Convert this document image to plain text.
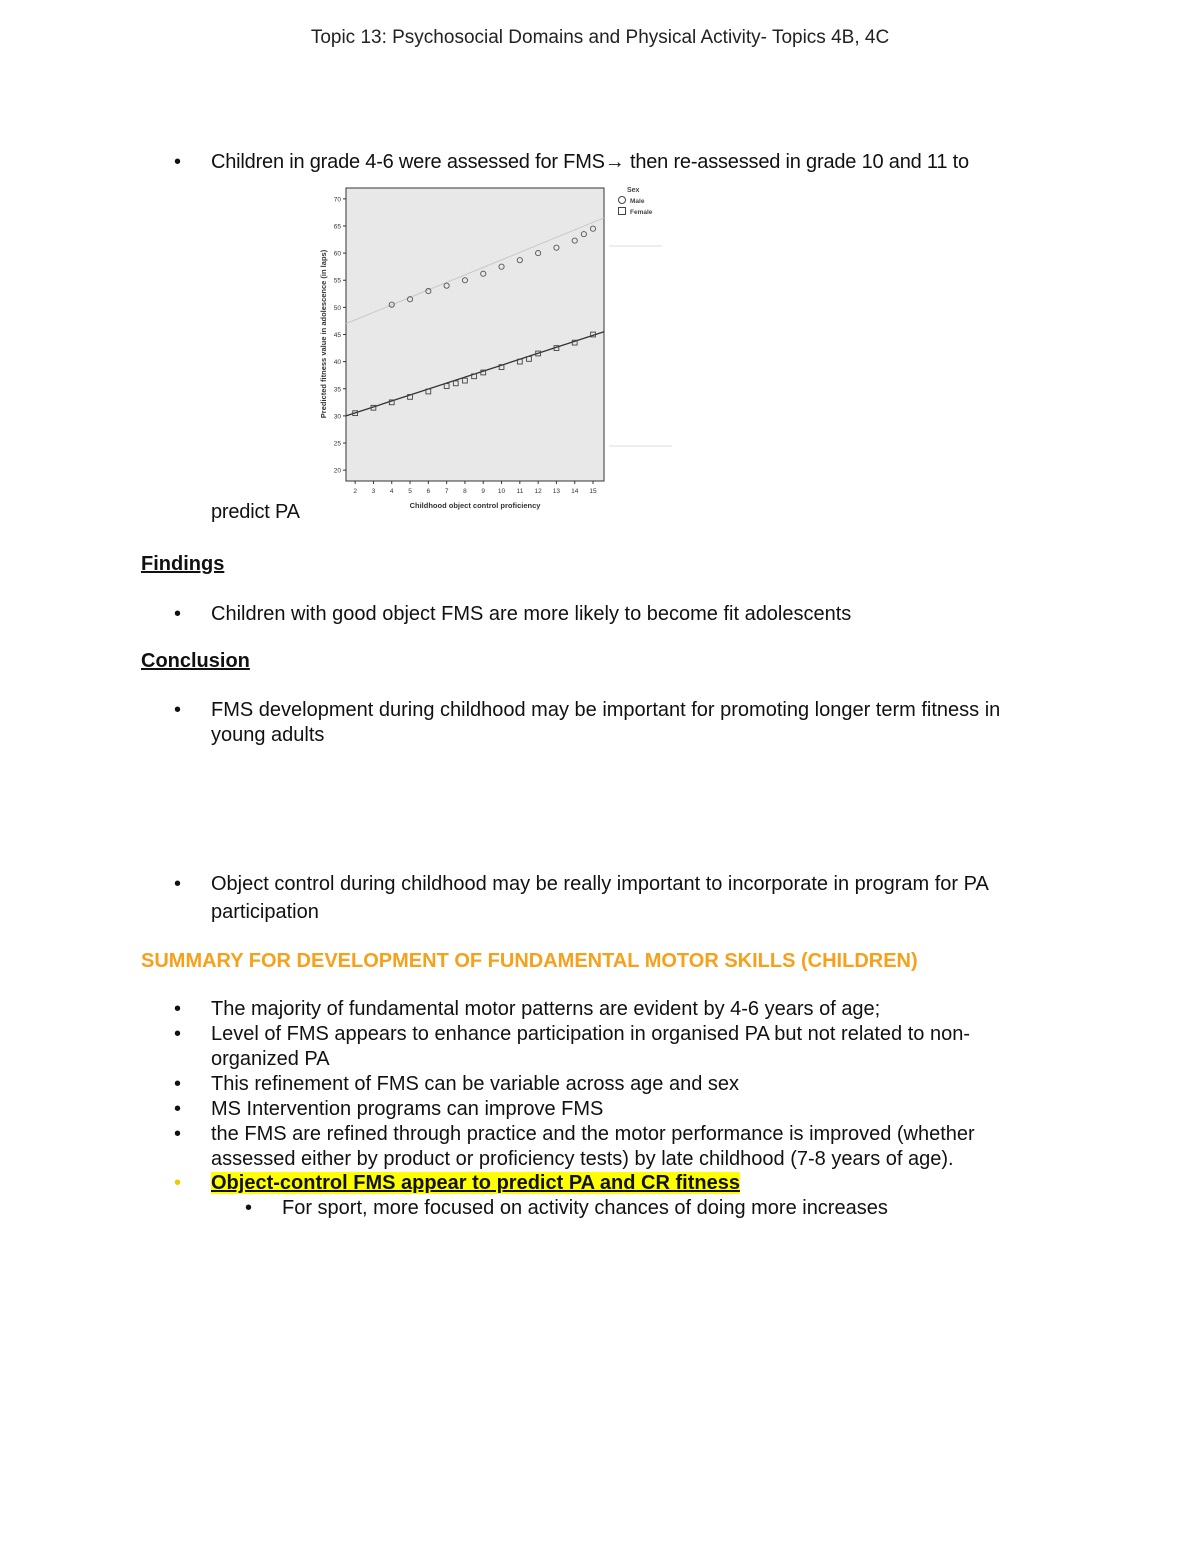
Topic 13: Psychosocial Domains and Physical Activity- Topics 4B, 4C
•	Children in grade 4-6 were assessed for FMS→ then re-assessed in grade 10 and 11 to
predict PA
Findings
•	Children with good object FMS are more likely to become fit adolescents
Conclusion
•	FMS development during childhood may be important for promoting longer term fitness in young adults
•	Object control during childhood may be really important to incorporate in program for PA participation
SUMMARY FOR DEVELOPMENT OF FUNDAMENTAL MOTOR SKILLS (CHILDREN)
•	The majority of fundamental motor patterns are evident by 4-6 years of age;
•	Level of FMS appears to enhance participation in organised PA but not related to non-organized PA
•	This refinement of FMS can be variable across age and sex
•	MS Intervention programs can improve FMS
•	the FMS are refined through practice and the motor performance is improved (whether assessed either by product or proficiency tests) by late childhood (7-8 years of age).
•	Object-control FMS appear to predict PA and CR fitness
•	For sport, more focused on activity chances of doing more increases
20
25
30
35
40
45
50
55
60
65
70
2 3 4 5 6 7 8 9 10 11 12 13 14 15
Predicted fitness value in adolescence (in laps)
Childhood object control proficiency
Sex
Male
Female
